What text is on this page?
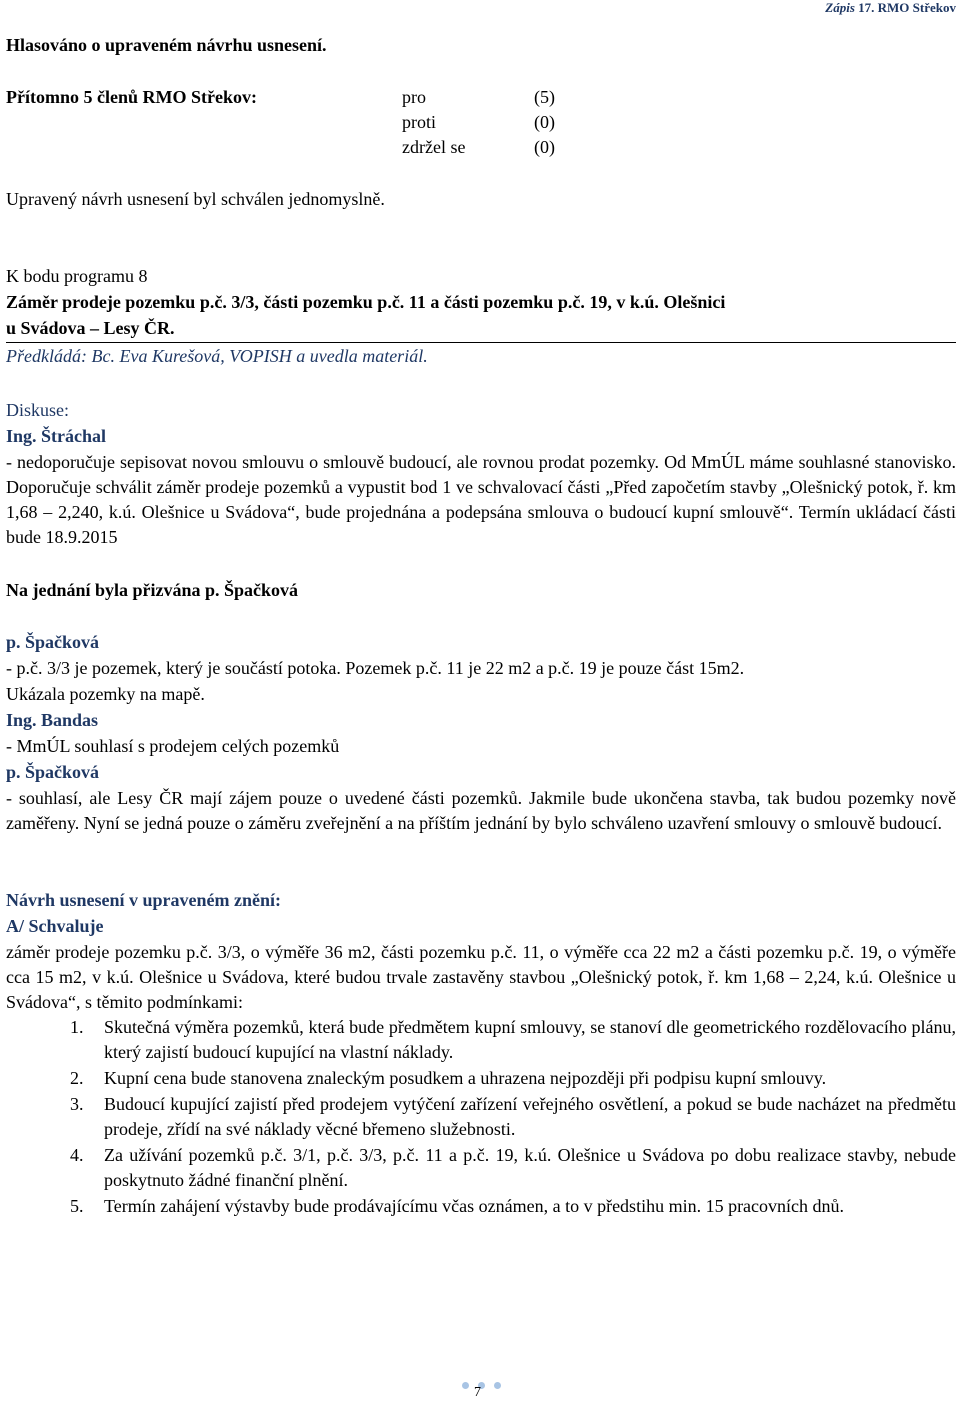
Zápis 17. RMO Střekov
Hlasováno o upraveném návrhu usnesení.
Přítomno 5 členů RMO Střekov:	pro
proti
zdržel se
(5)
(0)
(0)
Upravený návrh usnesení byl schválen jednomyslně.
K bodu programu 8
Záměr prodeje pozemku p.č. 3/3, části pozemku p.č. 11 a části pozemku p.č. 19, v k.ú. Olešnici
u Svádova – Lesy ČR.
Předkládá: Bc. Eva Kurešová, VOPISH a uvedla materiál.
Diskuse:
Ing. Štráchal
- nedoporučuje sepisovat novou smlouvu o smlouvě budoucí, ale rovnou prodat pozemky. Od MmÚL máme souhlasné stanovisko. Doporučuje schválit záměr prodeje pozemků a vypustit bod 1 ve schvalovací části „Před započetím stavby „Olešnický potok, ř. km 1,68 – 2,240, k.ú. Olešnice u Svádova“, bude projednána a podepsána smlouva o budoucí kupní smlouvě“. Termín ukládací části bude 18.9.2015
Na jednání byla přizvána p. Špačková
p. Špačková
- p.č. 3/3 je pozemek, který je součástí potoka. Pozemek p.č. 11 je 22 m2 a p.č. 19 je pouze část 15m2.
Ukázala pozemky na mapě.
Ing. Bandas
- MmÚL souhlasí s prodejem celých pozemků
p. Špačková
- souhlasí, ale Lesy ČR mají zájem pouze o uvedené části pozemků. Jakmile bude ukončena stavba, tak budou pozemky nově zaměřeny. Nyní se jedná pouze o záměru zveřejnění a na příštím jednání by bylo schváleno uzavření smlouvy o smlouvě budoucí.
Návrh usnesení v upraveném znění:
A/ Schvaluje
záměr prodeje pozemku p.č. 3/3, o výměře 36 m2, části pozemku p.č. 11, o výměře cca 22 m2 a části pozemku p.č. 19, o výměře cca 15 m2, v k.ú. Olešnice u Svádova, které budou trvale zastavěny stavbou „Olešnický potok, ř. km 1,68 – 2,24, k.ú. Olešnice u Svádova“, s těmito podmínkami:
1. Skutečná výměra pozemků, která bude předmětem kupní smlouvy, se stanoví dle geometrického rozdělovacího plánu, který zajistí budoucí kupující na vlastní náklady.
2. Kupní cena bude stanovena znaleckým posudkem a uhrazena nejpozději při podpisu kupní smlouvy.
3. Budoucí kupující zajistí před prodejem vytýčení zařízení veřejného osvětlení, a pokud se bude nacházet na předmětu prodeje, zřídí na své náklady věcné břemeno služebnosti.
4. Za užívání pozemků p.č. 3/1, p.č. 3/3, p.č. 11 a p.č. 19, k.ú. Olešnice u Svádova po dobu realizace stavby, nebude poskytnuto žádné finanční plnění.
5. Termín zahájení výstavby bude prodávajícímu včas oznámen, a to v předstihu min. 15 pracovních dnů.
7
